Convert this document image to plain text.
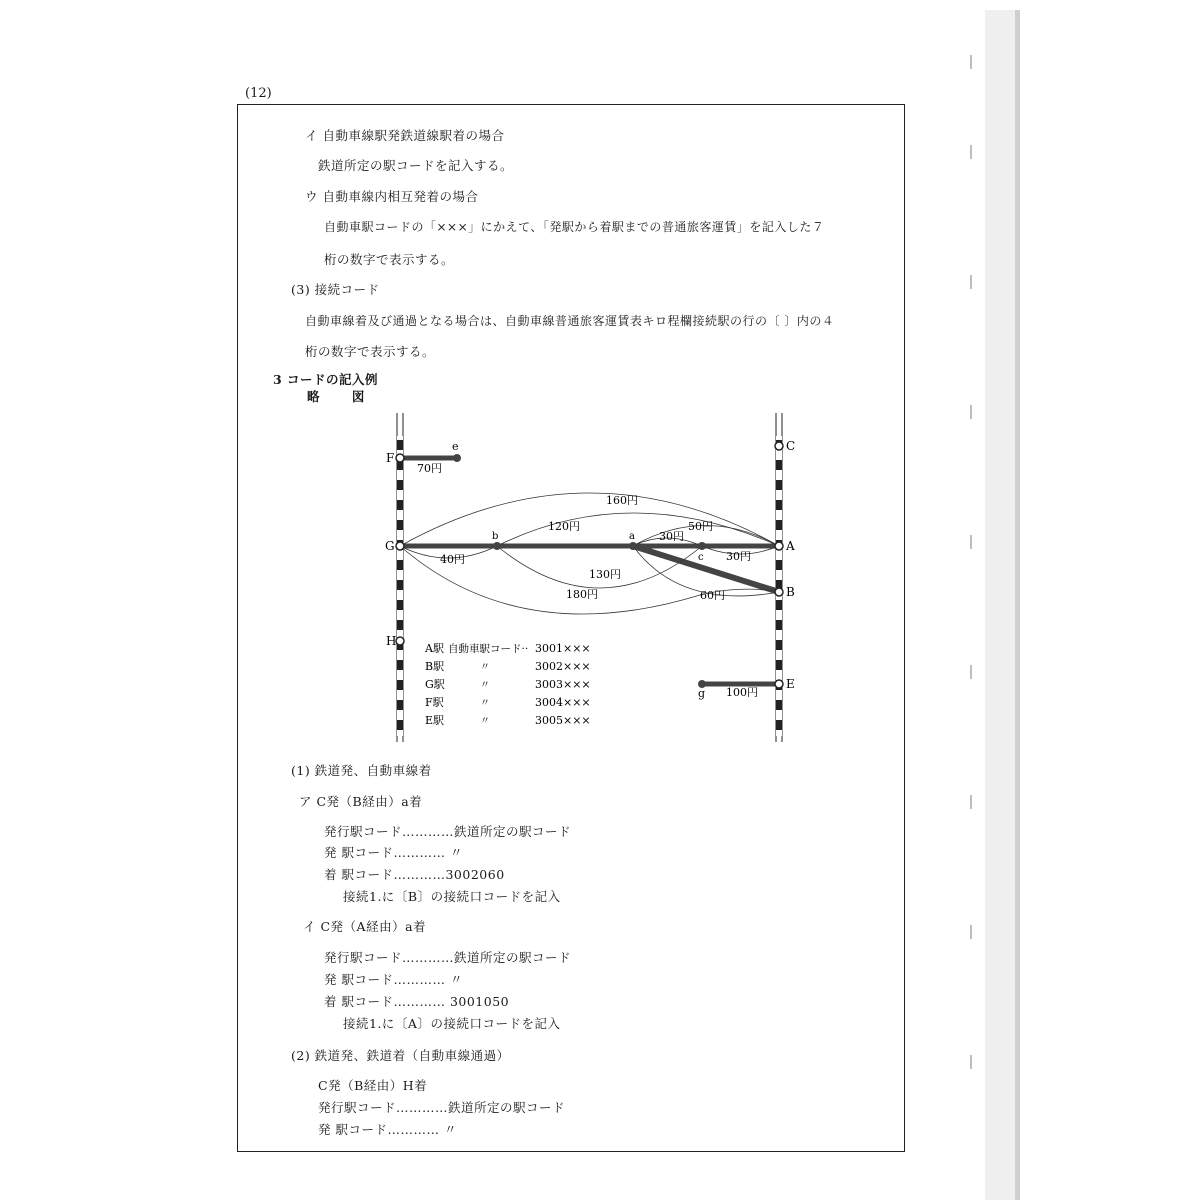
(12)
イ 自動車線駅発鉄道線駅着の場合
鉄道所定の駅コードを記入する。
ウ 自動車線内相互発着の場合
自動車駅コードの「×××」にかえて、「発駅から着駅までの普通旅客運賃」を記入した７
桁の数字で表示する。
(3) 接続コード
自動車線着及び通過となる場合は、自動車線普通旅客運賃表キロ程欄接続駅の行の〔 〕内の４
桁の数字で表示する。
3 コードの記入例
略 図
C
F
e
G
b	a
c
A
B
H
g
E
70円
160円
120円	50円
30円
30円
40円
130円
180円	60円
100円
A駅 自動車駅コード·· 3001×××
B駅	〃	3002×××
G駅	〃	3003×××
F駅	〃	3004×××
E駅	〃	3005×××
(1) 鉄道発、自動車線着
ア C発（B経由）a着
発行駅コード…………鉄道所定の駅コード
発 駅コード………… 〃
着 駅コード…………3002060
接続1.に〔B〕の接続口コードを記入
イ C発（A経由）a着
発行駅コード…………鉄道所定の駅コード
発 駅コード………… 〃
着 駅コード………… 3001050
接続1.に〔A〕の接続口コードを記入
(2) 鉄道発、鉄道着（自動車線通過）
C発（B経由）H着
発行駅コード…………鉄道所定の駅コード
発 駅コード………… 〃
